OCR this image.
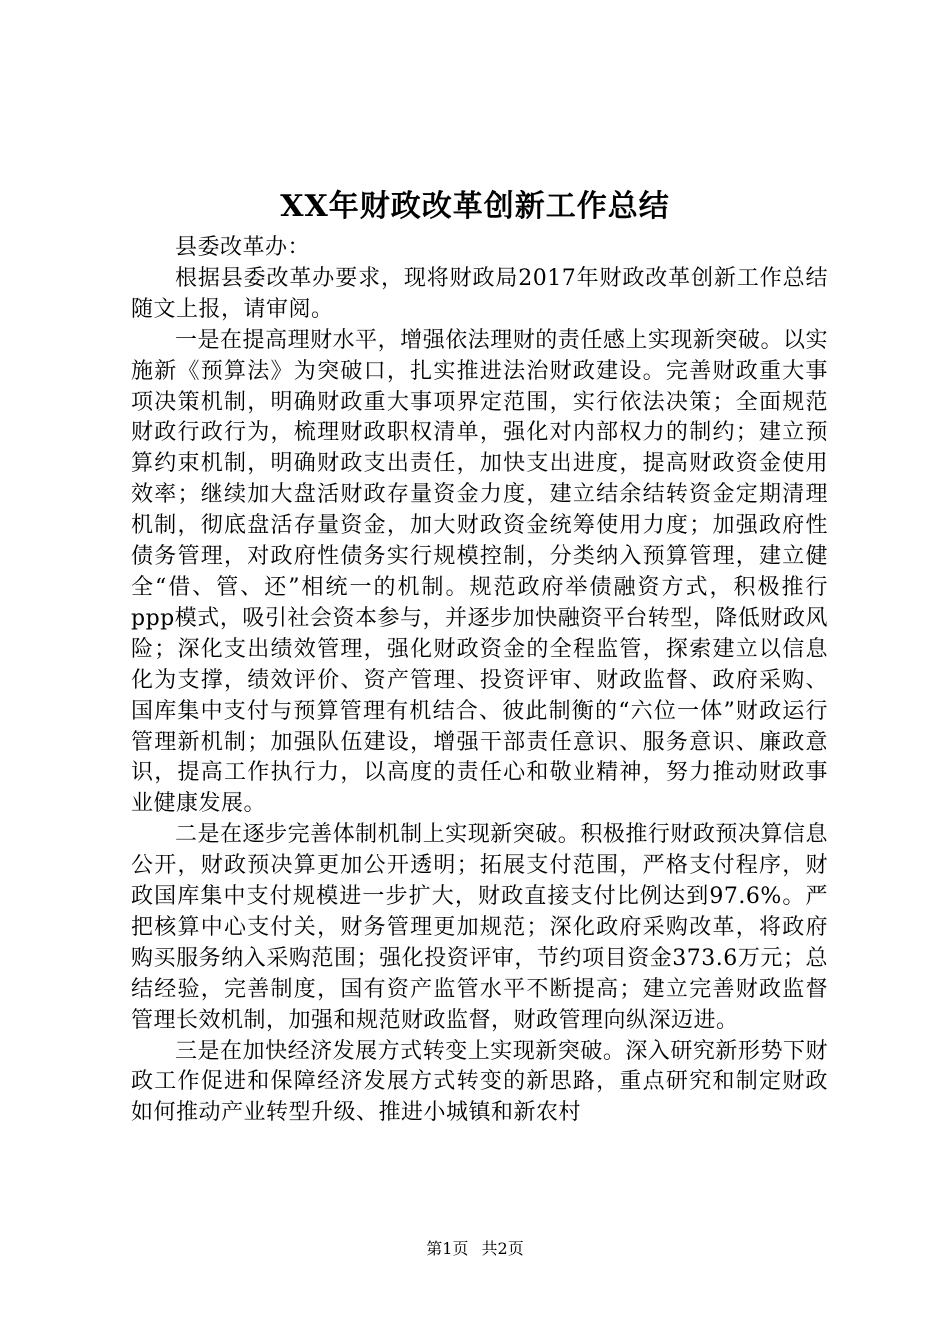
XX年财政改革创新工作总结

县委改革办：

根据县委改革办要求，现将财政局2017年财政改革创新工作总结随文上报，请审阅。

一是在提高理财水平，增强依法理财的责任感上实现新突破。以实施新《预算法》为突破口，扎实推进法治财政建设。完善财政重大事项决策机制，明确财政重大事项界定范围，实行依法决策；全面规范财政行政行为，梳理财政职权清单，强化对内部权力的制约；建立预算约束机制，明确财政支出责任，加快支出进度，提高财政资金使用效率；继续加大盘活财政存量资金力度，建立结余结转资金定期清理机制，彻底盘活存量资金，加大财政资金统筹使用力度；加强政府性债务管理，对政府性债务实行规模控制，分类纳入预算管理，建立健全“借、管、还”相统一的机制。规范政府举债融资方式，积极推行ppp模式，吸引社会资本参与，并逐步加快融资平台转型，降低财政风险；深化支出绩效管理，强化财政资金的全程监管，探索建立以信息化为支撑，绩效评价、资产管理、投资评审、财政监督、政府采购、国库集中支付与预算管理有机结合、彼此制衡的“六位一体”财政运行管理新机制；加强队伍建设，增强干部责任意识、服务意识、廉政意识，提高工作执行力，以高度的责任心和敬业精神，努力推动财政事业健康发展。

二是在逐步完善体制机制上实现新突破。积极推行财政预决算信息公开，财政预决算更加公开透明；拓展支付范围，严格支付程序，财政国库集中支付规模进一步扩大，财政直接支付比例达到97.6%。严把核算中心支付关，财务管理更加规范；深化政府采购改革，将政府购买服务纳入采购范围；强化投资评审，节约项目资金373.6万元；总结经验，完善制度，国有资产监管水平不断提高；建立完善财政监督管理长效机制，加强和规范财政监督，财政管理向纵深迈进。

三是在加快经济发展方式转变上实现新突破。深入研究新形势下财政工作促进和保障经济发展方式转变的新思路，重点研究和制定财政如何推动产业转型升级、推进小城镇和新农村

第1页 共2页
